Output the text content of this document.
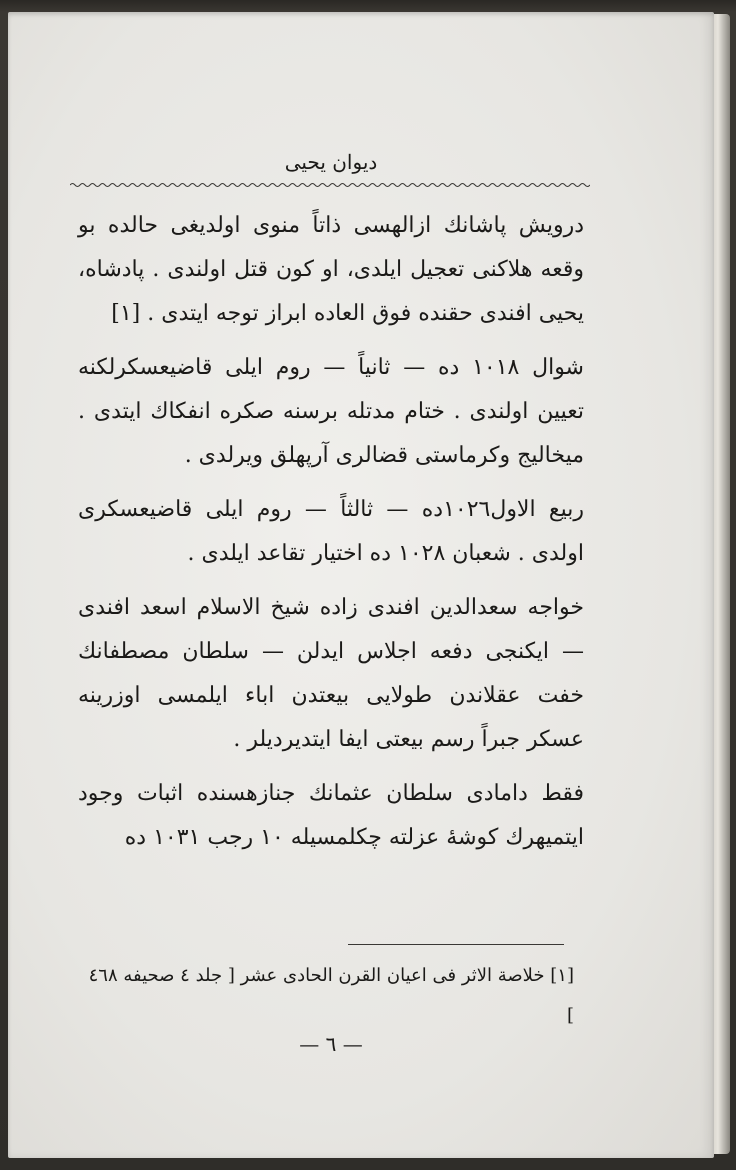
ديوان يحيى

درويش پاشانك ازالهسى ذاتاً منوى اولديغى حالده بو وقعه هلاكنى تعجيل ايلدى، او كون قتل اولندى . پادشاه، يحيى افندى حقنده فوق العاده ابراز توجه ايتدى . [١]

شوال ١٠١٨ ده — ثانياً — روم ايلى قاضيعسكرلكنه تعيين اولندى . ختام مدتله برسنه صكره انفكاك ايتدى . ميخاليج وكرماستى قضالرى آرپهلق ويرلدى .

ربيع الاول١٠٢٦ده — ثالثاً — روم ايلى قاضيعسكرى اولدى . شعبان ١٠٢٨ ده اختيار تقاعد ايلدى .

خواجه سعدالدين افندى زاده شيخ الاسلام اسعد افندى — ايكنجى دفعه اجلاس ايدلن — سلطان مصطفانك خفت عقلاندن طولايى بيعتدن اباء ايلمسى اوزرينه عسكر جبراً رسم بيعتى ايفا ايتديرديلر .

فقط دامادى سلطان عثمانك جنازهسنده اثبات وجود ايتميهرك كوشهٔ عزلته چكلمسيله ١٠ رجب ١٠٣١ ده

[١] خلاصة الاثر فى اعيان القرن الحادى عشر [ جلد ٤ صحيفه ٤٦٨ ]
— ٦ —
